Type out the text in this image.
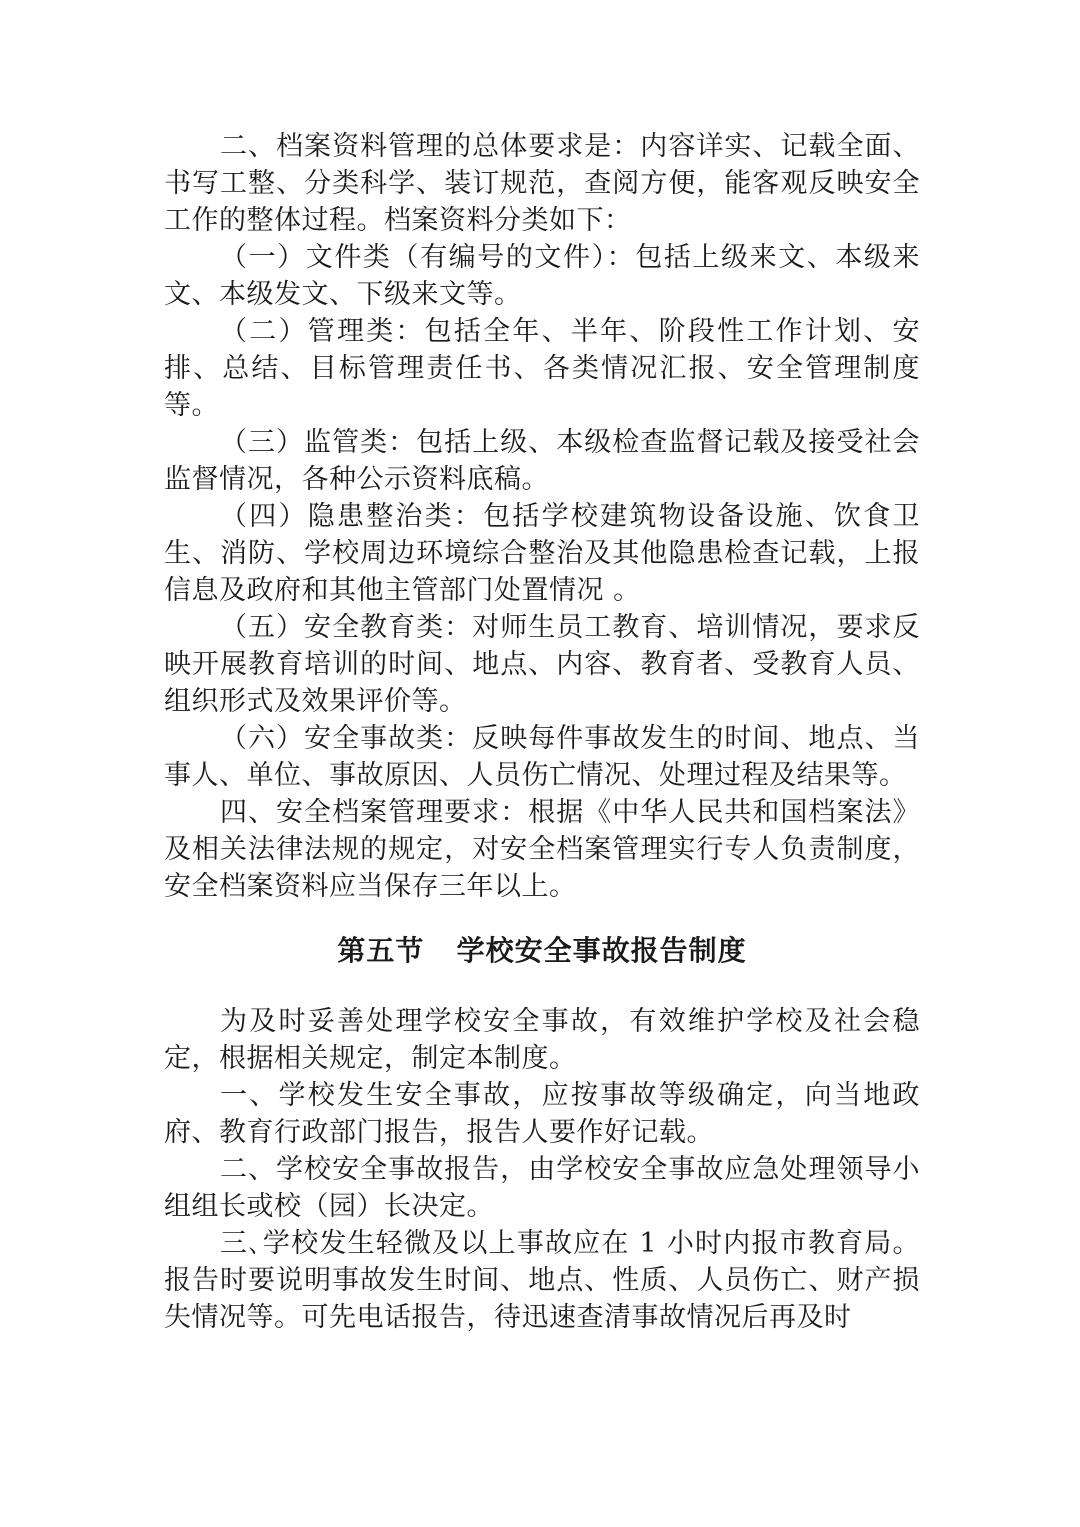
二、档案资料管理的总体要求是：内容详实、记载全面、书写工整、分类科学、装订规范，查阅方便，能客观反映安全工作的整体过程。档案资料分类如下：

（一）文件类（有编号的文件）：包括上级来文、本级来文、本级发文、下级来文等。

（二）管理类：包括全年、半年、阶段性工作计划、安排、总结、目标管理责任书、各类情况汇报、安全管理制度等。

（三）监管类：包括上级、本级检查监督记载及接受社会监督情况，各种公示资料底稿。

（四）隐患整治类：包括学校建筑物设备设施、饮食卫生、消防、学校周边环境综合整治及其他隐患检查记载，上报信息及政府和其他主管部门处置情况 。

（五）安全教育类：对师生员工教育、培训情况，要求反映开展教育培训的时间、地点、内容、教育者、受教育人员、组织形式及效果评价等。

（六）安全事故类：反映每件事故发生的时间、地点、当事人、单位、事故原因、人员伤亡情况、处理过程及结果等。

四、安全档案管理要求：根据《中华人民共和国档案法》及相关法律法规的规定，对安全档案管理实行专人负责制度，安全档案资料应当保存三年以上。

第五节   学校安全事故报告制度

为及时妥善处理学校安全事故，有效维护学校及社会稳定，根据相关规定，制定本制度。

一、学校发生安全事故，应按事故等级确定，向当地政府、教育行政部门报告，报告人要作好记载。

二、学校安全事故报告，由学校安全事故应急处理领导小组组长或校（园）长决定。

三､学校发生轻微及以上事故应在 1 小时内报市教育局。报告时要说明事故发生时间、地点、性质、人员伤亡、财产损失情况等。可先电话报告，待迅速查清事故情况后再及时
